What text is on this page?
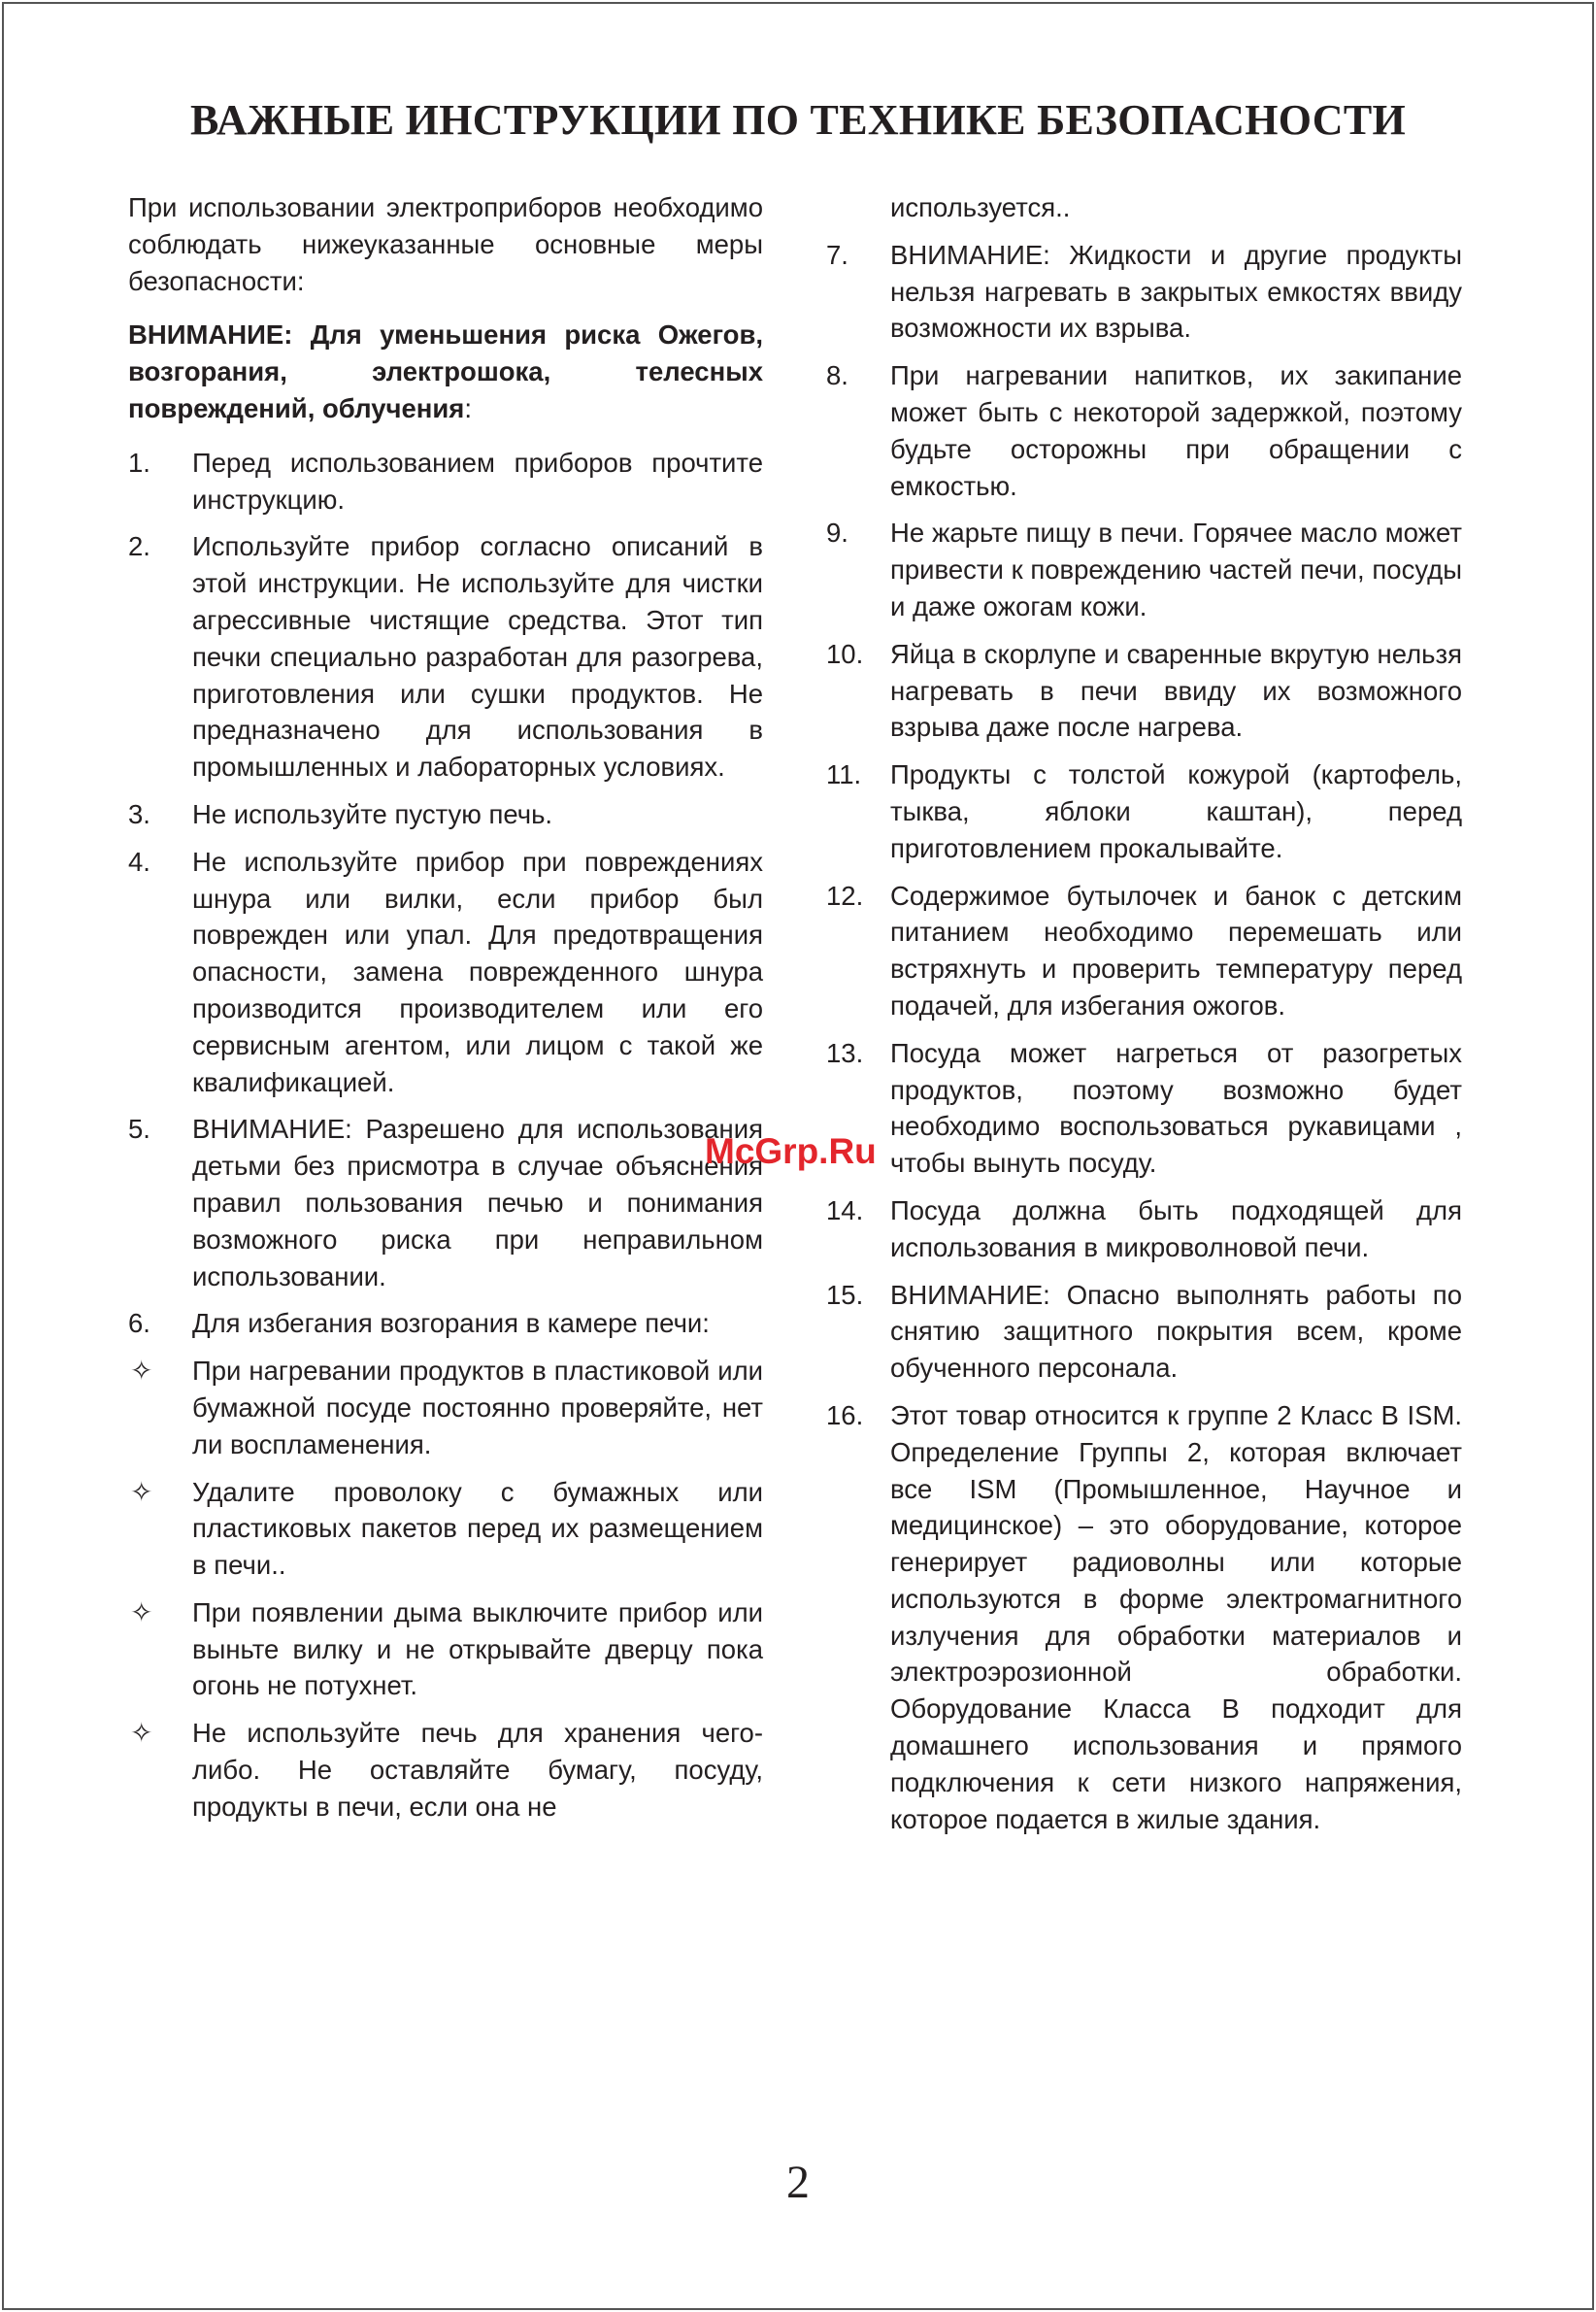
ВАЖНЫЕ ИНСТРУКЦИИ ПО ТЕХНИКЕ БЕЗОПАСНОСТИ

При использовании электроприборов необходимо соблюдать нижеуказанные основные меры безопасности:

ВНИМАНИЕ: Для уменьшения риска Ожегов, возгорания, электрошока, телесных повреждений, облучения:

1. Перед использованием приборов прочтите инструкцию.
2. Используйте прибор согласно описаний в этой инструкции. Не используйте для чистки агрессивные чистящие средства. Этот тип печки специально разработан для разогрева, приготовления или сушки продуктов. Не предназначено для использования в промышленных и лабораторных условиях.
3. Не используйте пустую печь.
4. Не используйте прибор при повреждениях шнура или вилки, если прибор был поврежден или упал. Для предотвращения опасности, замена поврежденного шнура производится производителем или его сервисным агентом, или лицом с такой же квалификацией.
5. ВНИМАНИЕ: Разрешено для использования детьми без присмотра в случае объяснения правил пользования печью и понимания возможного риска при неправильном использовании.
6. Для избегания возгорания в камере печи:
✧ При нагревании продуктов в пластиковой или бумажной посуде постоянно проверяйте, нет ли воспламенения.
✧ Удалите проволоку с бумажных или пластиковых пакетов перед их размещением в печи..
✧ При появлении дыма выключите прибор или выньте вилку и не открывайте дверцу пока огонь не потухнет.
✧ Не используйте печь для хранения чего-либо. Не оставляйте бумагу, посуду, продукты в печи, если она не
используется..
7. ВНИМАНИЕ: Жидкости и другие продукты нельзя нагревать в закрытых емкостях ввиду возможности их взрыва.
8. При нагревании напитков, их закипание может быть с некоторой задержкой, поэтому будьте осторожны при обращении с емкостью.
9. Не жарьте пищу в печи. Горячее масло может привести к повреждению частей печи, посуды и даже ожогам кожи.
10. Яйца в скорлупе и сваренные вкрутую нельзя нагревать в печи ввиду их возможного взрыва даже после нагрева.
11. Продукты с толстой кожурой (картофель, тыква, яблоки каштан), перед приготовлением прокалывайте.
12. Содержимое бутылочек и банок с детским питанием необходимо перемешать или встряхнуть и проверить температуру перед подачей, для избегания ожогов.
13. Посуда может нагреться от разогретых продуктов, поэтому возможно будет необходимо воспользоваться рукавицами , чтобы вынуть посуду.
14. Посуда должна быть подходящей для использования в микроволновой печи.
15. ВНИМАНИЕ: Опасно выполнять работы по снятию защитного покрытия всем, кроме обученного персонала.
16. Этот товар относится к группе 2 Класс B ISM. Определение Группы 2, которая включает все ISM (Промышленное, Научное и медицинское) – это оборудование, которое генерирует радиоволны или которые используются в форме электромагнитного излучения для обработки материалов и электроэрозионной обработки. Оборудование Класса B подходит для домашнего использования и прямого подключения к сети низкого напряжения, которое подается в жилые здания.
McGrp.Ru
2
